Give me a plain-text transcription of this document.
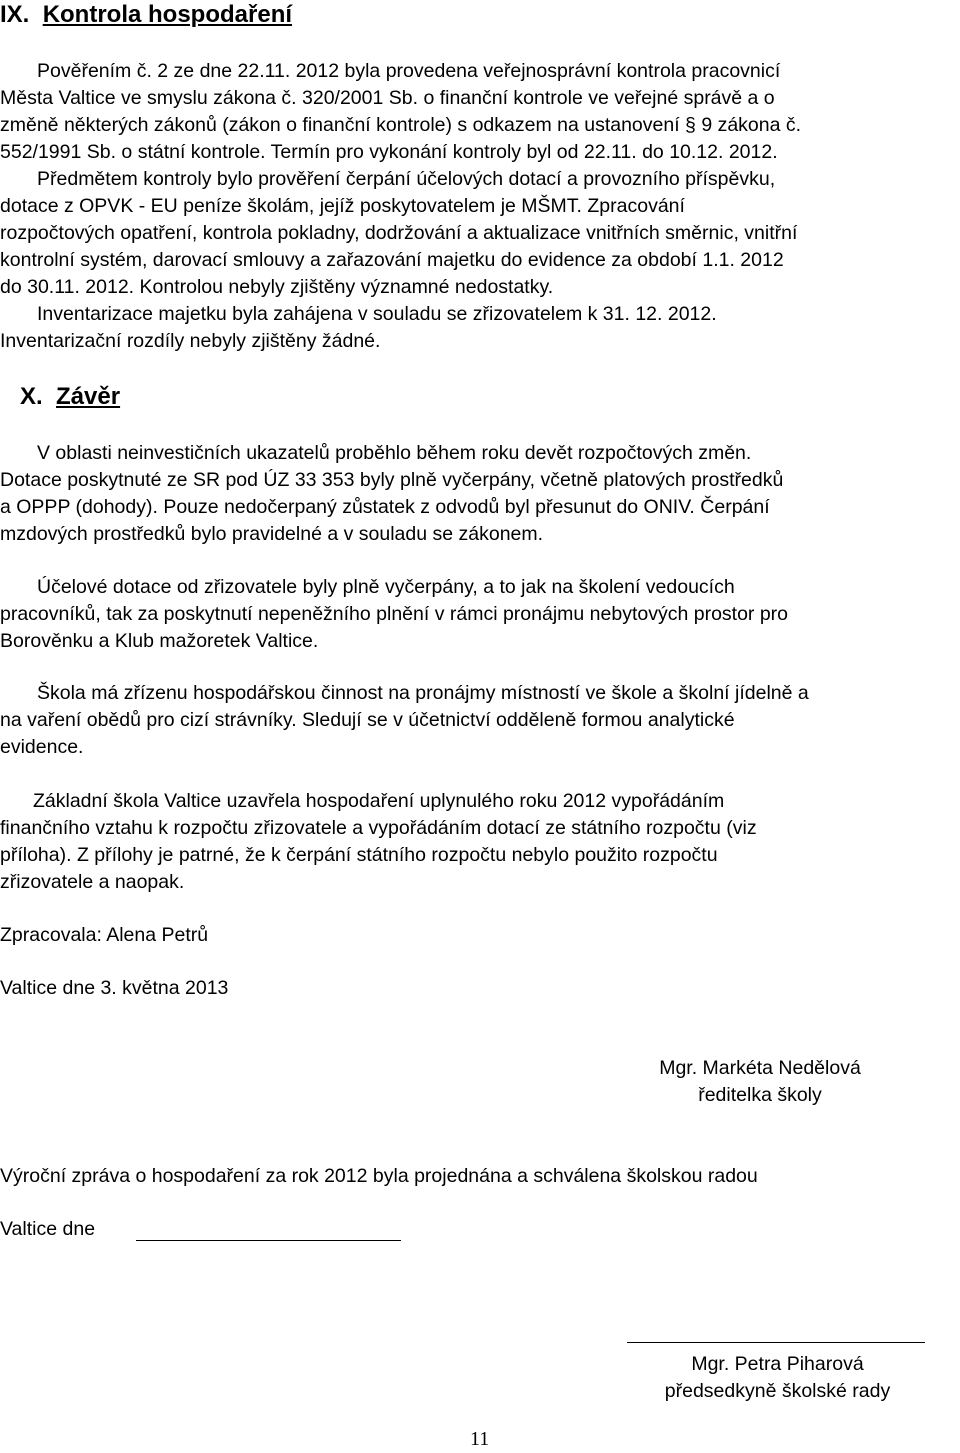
IX. Kontrola hospodaření
Pověřením č. 2 ze dne 22.11. 2012 byla provedena veřejnosprávní kontrola pracovnicí
Města Valtice ve smyslu zákona č. 320/2001 Sb. o finanční kontrole ve veřejné správě a o
změně některých zákonů (zákon o finanční kontrole) s odkazem na ustanovení § 9 zákona č.
552/1991 Sb. o státní kontrole. Termín pro vykonání kontroly byl od 22.11. do 10.12. 2012.
Předmětem kontroly bylo prověření čerpání účelových dotací a provozního příspěvku,
dotace z OPVK - EU peníze školám, jejíž poskytovatelem je MŠMT. Zpracování
rozpočtových opatření, kontrola pokladny, dodržování a aktualizace vnitřních směrnic, vnitřní
kontrolní systém, darovací smlouvy a zařazování majetku do evidence za období 1.1. 2012
do 30.11. 2012. Kontrolou nebyly zjištěny významné nedostatky.
Inventarizace majetku byla zahájena v souladu se zřizovatelem k 31. 12. 2012.
Inventarizační rozdíly nebyly zjištěny žádné.
X. Závěr
V oblasti neinvestičních ukazatelů proběhlo během roku devět rozpočtových změn.
Dotace poskytnuté ze SR pod ÚZ 33 353 byly plně vyčerpány, včetně platových prostředků
a OPPP (dohody). Pouze nedočerpaný zůstatek z odvodů byl přesunut do ONIV. Čerpání
mzdových prostředků bylo pravidelné a v souladu se zákonem.
Účelové dotace od zřizovatele byly plně vyčerpány, a to jak na školení vedoucích
pracovníků, tak za poskytnutí nepeněžního plnění v rámci pronájmu nebytových prostor pro
Borověnku a Klub mažoretek Valtice.
Škola má zřízenu hospodářskou činnost na pronájmy místností ve škole a školní jídelně a
na vaření obědů pro cizí strávníky. Sledují se v účetnictví odděleně formou analytické
evidence.
Základní škola Valtice uzavřela hospodaření uplynulého roku 2012 vypořádáním
finančního vztahu k rozpočtu zřizovatele a vypořádáním dotací ze státního rozpočtu (viz
příloha). Z přílohy je patrné, že k čerpání státního rozpočtu nebylo použito rozpočtu
zřizovatele a naopak.
Zpracovala: Alena Petrů
Valtice dne 3. května 2013
Mgr. Markéta Nedělová
ředitelka školy
Výroční zpráva o hospodaření za rok 2012 byla projednána a schválena školskou radou
Valtice dne
Mgr. Petra Piharová
předsedkyně školské rady
11
